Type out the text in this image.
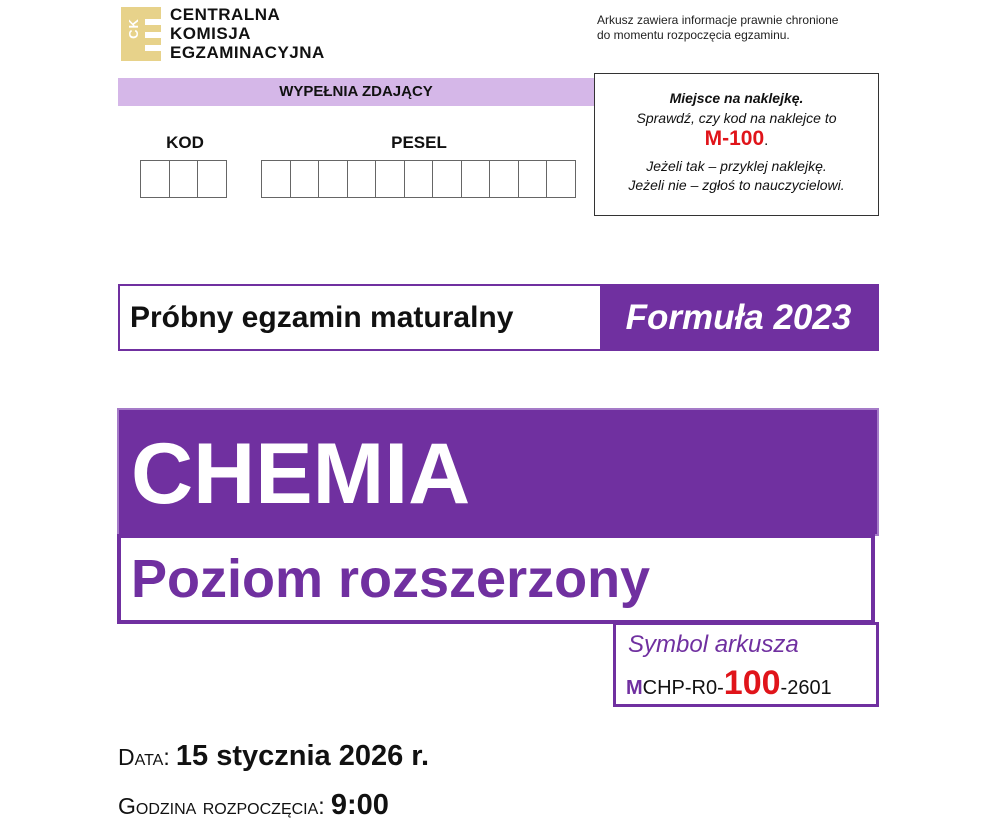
CK
CENTRALNA
KOMISJA
EGZAMINACYJNA
Arkusz zawiera informacje prawnie chronione
do momentu rozpoczęcia egzaminu.
WYPEŁNIA ZDAJĄCY
KOD	PESEL
Miejsce na naklejkę.
Sprawdź, czy kod na naklejce to
M-100.
Jeżeli tak – przyklej naklejkę.
Jeżeli nie – zgłoś to nauczycielowi.
Próbny egzamin maturalny	Formuła 2023
CHEMIA
Poziom rozszerzony
Symbol arkusza
MCHP-R0-100-2601
Data: 15 stycznia 2026 r.
Godzina rozpoczęcia: 9:00
